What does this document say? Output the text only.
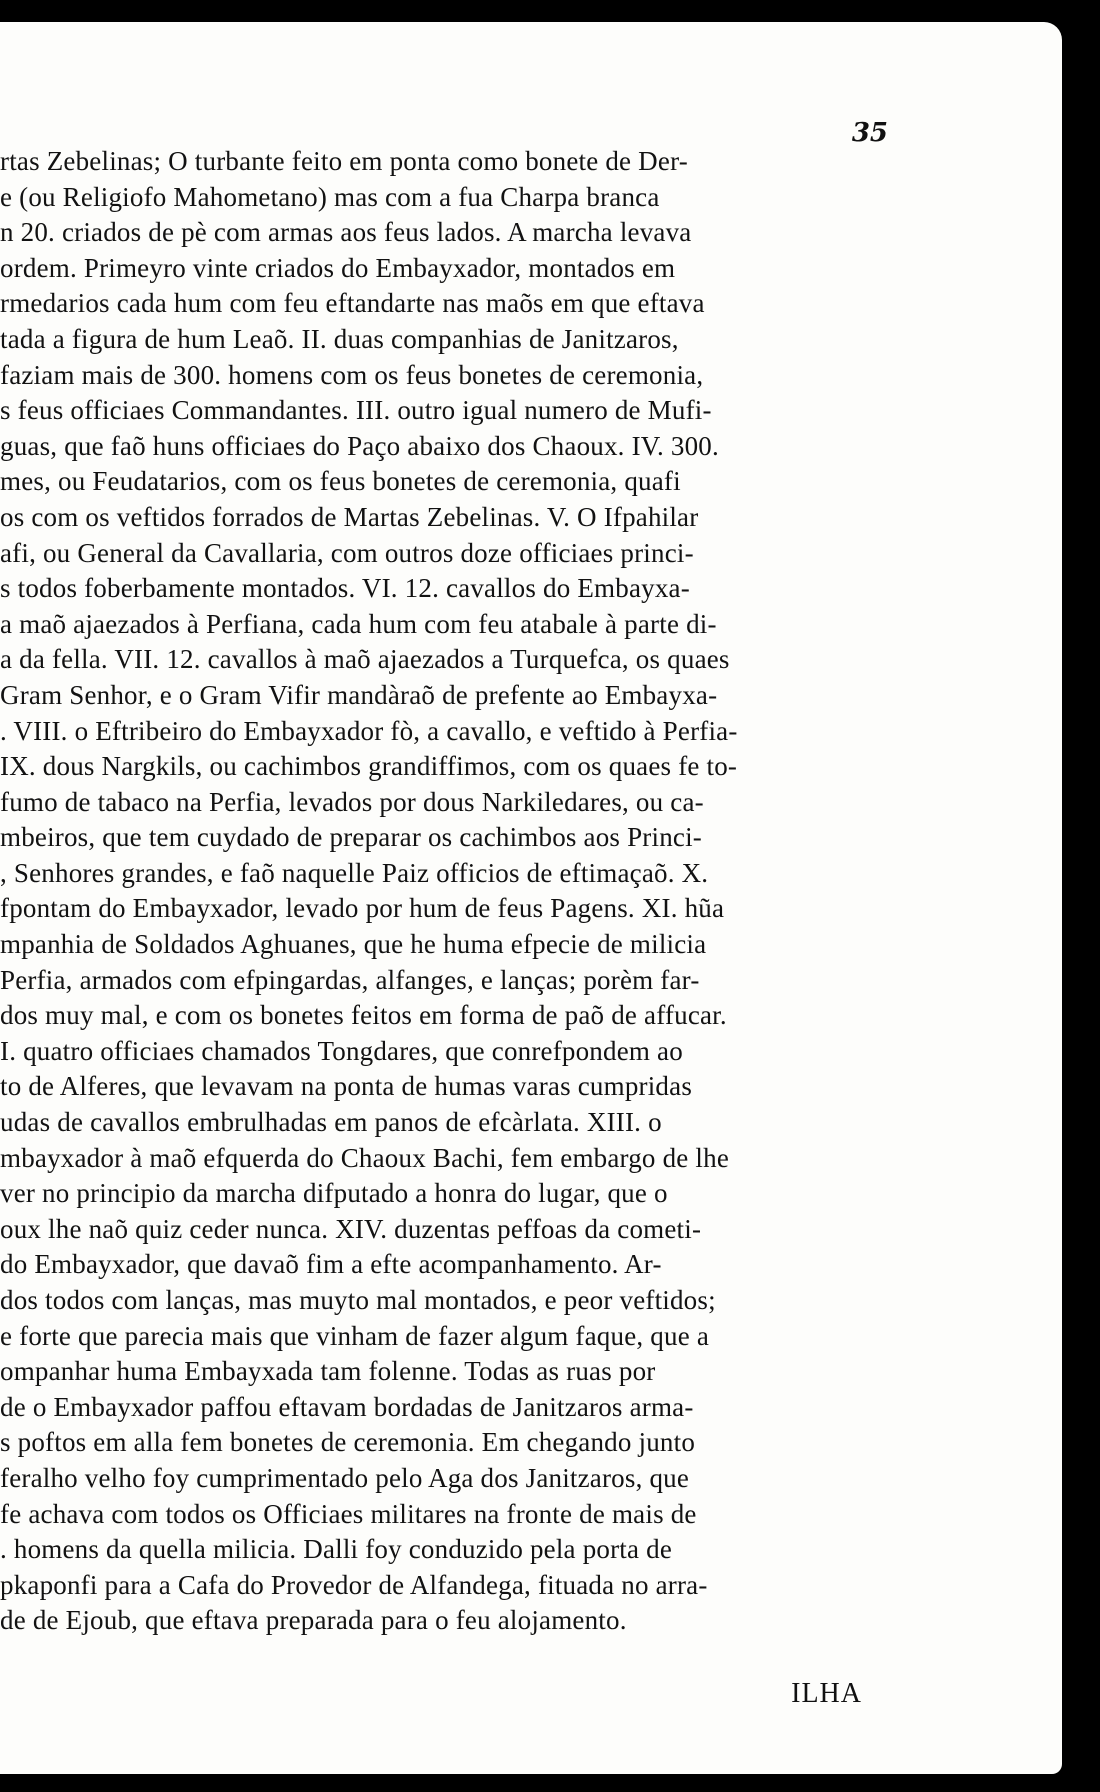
35

rtas Zebelinas; O turbante feito em ponta como bonete de Der-
e (ou Religiofo Mahometano) mas com a fua Charpa branca
n 20. criados de pè com armas aos feus lados. A marcha levava
ordem. Primeyro vinte criados do Embayxador, montados em
rmedarios cada hum com feu eftandarte nas maõs em que eftava
tada a figura de hum Leaõ. II. duas companhias de Janitzaros,
faziam mais de 300. homens com os feus bonetes de ceremonia,
s feus officiaes Commandantes. III. outro igual numero de Mufi-
guas, que faõ huns officiaes do Paço abaixo dos Chaoux. IV. 300.
mes, ou Feudatarios, com os feus bonetes de ceremonia, quafi
os com os veftidos forrados de Martas Zebelinas. V. O Ifpahilar
afi, ou General da Cavallaria, com outros doze officiaes princi-
s todos foberbamente montados. VI. 12. cavallos do Embayxa-
a maõ ajaezados à Perfiana, cada hum com feu atabale à parte di-
a da fella. VII. 12. cavallos à maõ ajaezados a Turquefca, os quaes
Gram Senhor, e o Gram Vifir mandàraõ de prefente ao Embayxa-
. VIII. o Eftribeiro do Embayxador fò, a cavallo, e veftido à Perfia-
IX. dous Nargkils, ou cachimbos grandiffimos, com os quaes fe to-
fumo de tabaco na Perfia, levados por dous Narkiledares, ou ca-
mbeiros, que tem cuydado de preparar os cachimbos aos Princi-
, Senhores grandes, e faõ naquelle Paiz officios de eftimaçaõ. X.
fpontam do Embayxador, levado por hum de feus Pagens. XI. hũa
mpanhia de Soldados Aghuanes, que he huma efpecie de milicia
Perfia, armados com efpingardas, alfanges, e lanças; porèm far-
dos muy mal, e com os bonetes feitos em forma de paõ de affucar.
I. quatro officiaes chamados Tongdares, que conrefpondem ao
to de Alferes, que levavam na ponta de humas varas cumpridas
udas de cavallos embrulhadas em panos de efcàrlata. XIII. o
mbayxador à maõ efquerda do Chaoux Bachi, fem embargo de lhe
ver no principio da marcha difputado a honra do lugar, que o
oux lhe naõ quiz ceder nunca. XIV. duzentas peffoas da cometi-
do Embayxador, que davaõ fim a efte acompanhamento. Ar-
dos todos com lanças, mas muyto mal montados, e peor veftidos;
e forte que parecia mais que vinham de fazer algum faque, que a
ompanhar huma Embayxada tam folenne. Todas as ruas por
de o Embayxador paffou eftavam bordadas de Janitzaros arma-
s poftos em alla fem bonetes de ceremonia. Em chegando junto
feralho velho foy cumprimentado pelo Aga dos Janitzaros, que
fe achava com todos os Officiaes militares na fronte de mais de
. homens da quella milicia. Dalli foy conduzido pela porta de
pkaponfi para a Cafa do Provedor de Alfandega, fituada no arra-
de de Ejoub, que eftava preparada para o feu alojamento.

ILHA
